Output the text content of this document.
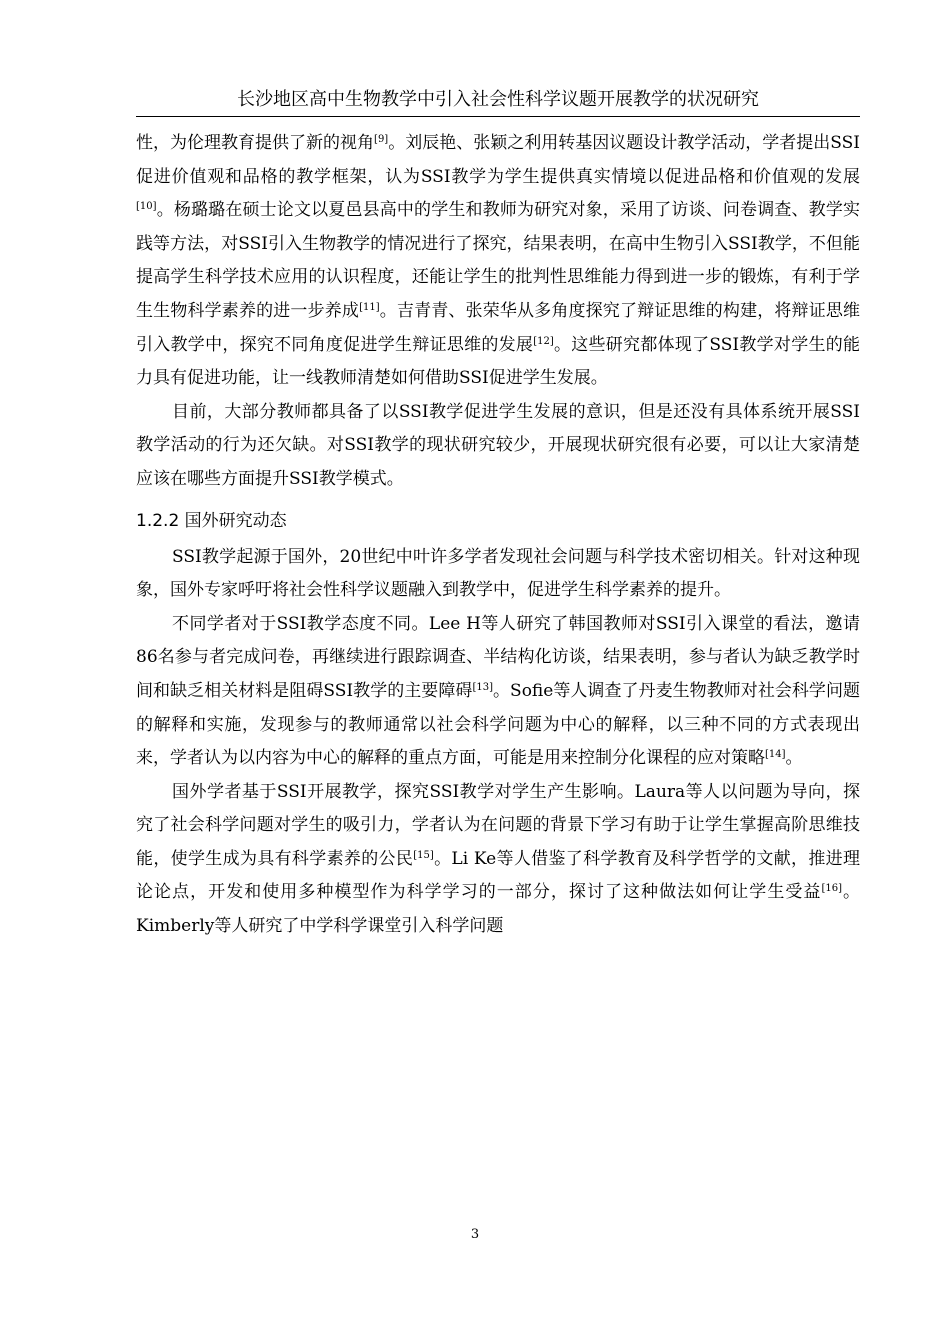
长沙地区高中生物教学中引入社会性科学议题开展教学的状况研究

性，为伦理教育提供了新的视角[9]。刘辰艳、张颖之利用转基因议题设计教学活动，学者提出SSI促进价值观和品格的教学框架，认为SSI教学为学生提供真实情境以促进品格和价值观的发展[10]。杨璐璐在硕士论文以夏邑县高中的学生和教师为研究对象，采用了访谈、问卷调查、教学实践等方法，对SSI引入生物教学的情况进行了探究，结果表明，在高中生物引入SSI教学，不但能提高学生科学技术应用的认识程度，还能让学生的批判性思维能力得到进一步的锻炼，有利于学生生物科学素养的进一步养成[11]。吉青青、张荣华从多角度探究了辩证思维的构建，将辩证思维引入教学中，探究不同角度促进学生辩证思维的发展[12]。这些研究都体现了SSI教学对学生的能力具有促进功能，让一线教师清楚如何借助SSI促进学生发展。

目前，大部分教师都具备了以SSI教学促进学生发展的意识，但是还没有具体系统开展SSI教学活动的行为还欠缺。对SSI教学的现状研究较少，开展现状研究很有必要，可以让大家清楚应该在哪些方面提升SSI教学模式。

1.2.2 国外研究动态

SSI教学起源于国外，20世纪中叶许多学者发现社会问题与科学技术密切相关。针对这种现象，国外专家呼吁将社会性科学议题融入到教学中，促进学生科学素养的提升。

不同学者对于SSI教学态度不同。Lee H等人研究了韩国教师对SSI引入课堂的看法，邀请86名参与者完成问卷，再继续进行跟踪调查、半结构化访谈，结果表明，参与者认为缺乏教学时间和缺乏相关材料是阻碍SSI教学的主要障碍[13]。Sofie等人调查了丹麦生物教师对社会科学问题的解释和实施，发现参与的教师通常以社会科学问题为中心的解释，以三种不同的方式表现出来，学者认为以内容为中心的解释的重点方面，可能是用来控制分化课程的应对策略[14]。

国外学者基于SSI开展教学，探究SSI教学对学生产生影响。Laura等人以问题为导向，探究了社会科学问题对学生的吸引力，学者认为在问题的背景下学习有助于让学生掌握高阶思维技能，使学生成为具有科学素养的公民[15]。Li Ke等人借鉴了科学教育及科学哲学的文献，推进理论论点，开发和使用多种模型作为科学学习的一部分，探讨了这种做法如何让学生受益[16]。Kimberly等人研究了中学科学课堂引入科学问题

3
